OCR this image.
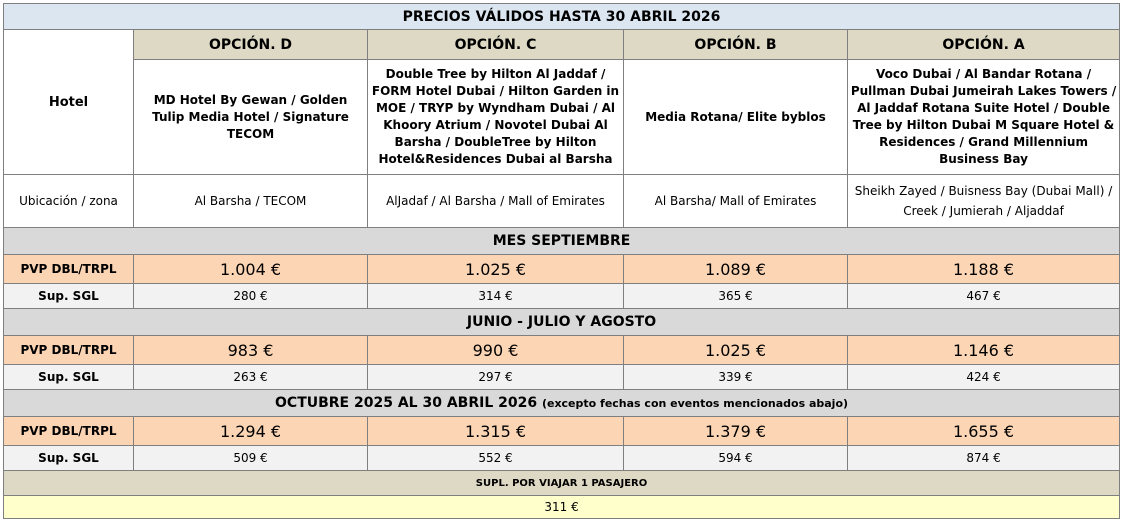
PRECIOS VÁLIDOS HASTA 30 ABRIL 2026				
Hotel	OPCIÓN. D	OPCIÓN. C	OPCIÓN. B	OPCIÓN. A
	MD Hotel By Gewan / Golden Tulip Media Hotel / Signature TECOM	Double Tree by Hilton Al Jaddaf / FORM Hotel Dubai / Hilton Garden in MOE / TRYP by Wyndham Dubai / Al Khoory Atrium / Novotel Dubai Al Barsha / DoubleTree by Hilton Hotel&Residences Dubai al Barsha	Media Rotana/ Elite byblos	Voco Dubai / Al Bandar Rotana / Pullman Dubai Jumeirah Lakes Towers / Al Jaddaf Rotana Suite Hotel / Double Tree by Hilton Dubai M Square Hotel & Residences / Grand Millennium Business Bay
Ubicación / zona	Al Barsha / TECOM	AlJadaf / Al Barsha / Mall of Emirates	Al Barsha/ Mall of Emirates	Sheikh Zayed / Buisness Bay (Dubai Mall) / Creek / Jumierah / Aljaddaf
MES SEPTIEMBRE				
PVP DBL/TRPL	1.004 €	1.025 €	1.089 €	1.188 €
Sup. SGL	280 €	314 €	365 €	467 €
JUNIO - JULIO Y AGOSTO				
PVP DBL/TRPL	983 €	990 €	1.025 €	1.146 €
Sup. SGL	263 €	297 €	339 €	424 €
OCTUBRE 2025 AL 30 ABRIL 2026 (excepto fechas con eventos mencionados abajo)				
PVP DBL/TRPL	1.294 €	1.315 €	1.379 €	1.655 €
Sup. SGL	509 €	552 €	594 €	874 €
SUPL. POR VIAJAR 1 PASAJERO				
311 €				
